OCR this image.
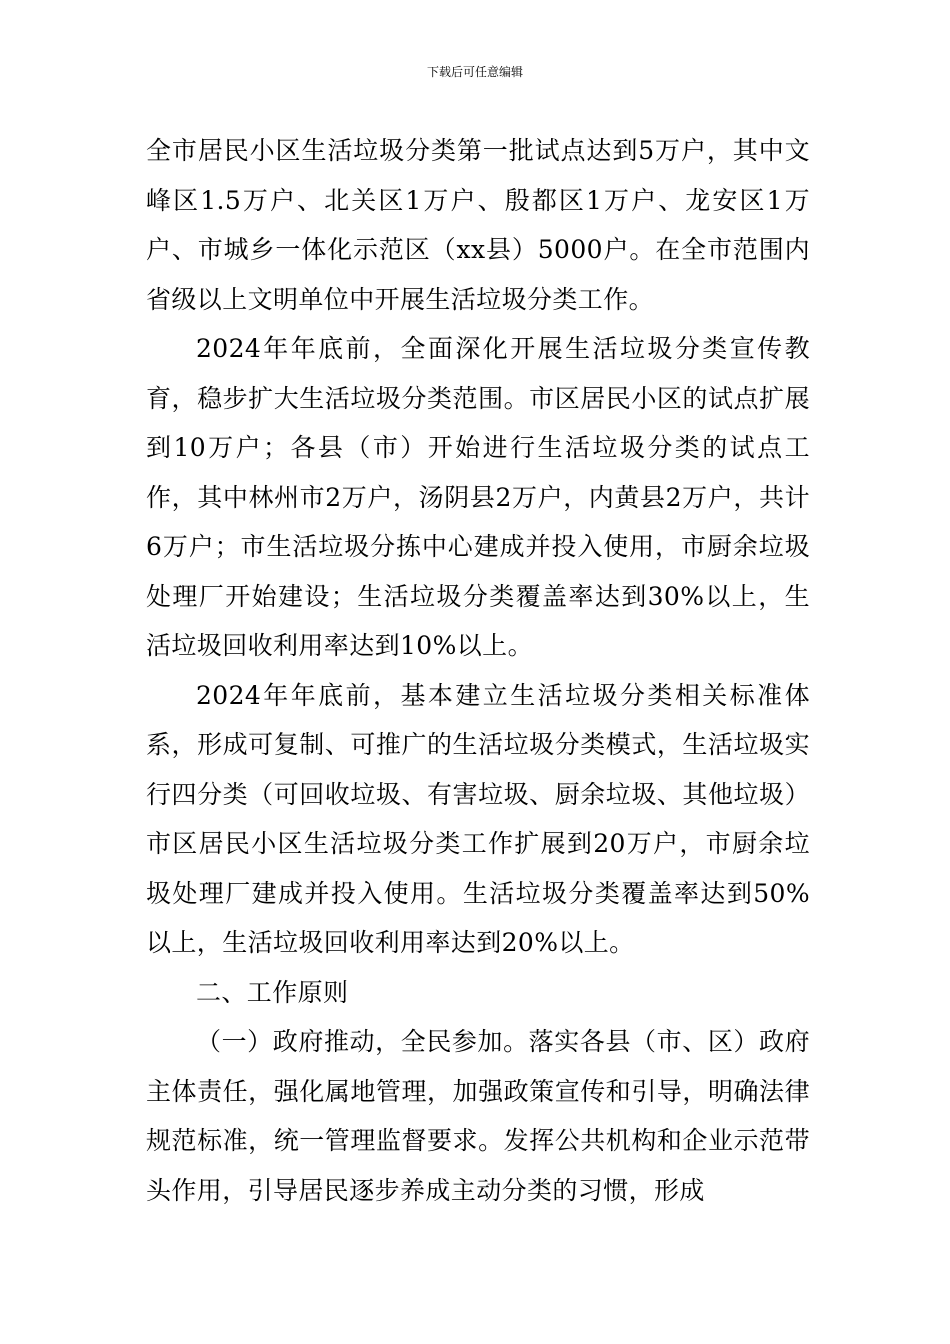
下载后可任意编辑

全市居民小区生活垃圾分类第一批试点达到5万户，其中文峰区1.5万户、北关区1万户、殷都区1万户、龙安区1万户、市城乡一体化示范区（xx县）5000户。在全市范围内省级以上文明单位中开展生活垃圾分类工作。

2024年年底前，全面深化开展生活垃圾分类宣传教育，稳步扩大生活垃圾分类范围。市区居民小区的试点扩展到10万户；各县（市）开始进行生活垃圾分类的试点工作，其中林州市2万户，汤阴县2万户，内黄县2万户，共计6万户；市生活垃圾分拣中心建成并投入使用，市厨余垃圾处理厂开始建设；生活垃圾分类覆盖率达到30%以上，生活垃圾回收利用率达到10%以上。

2024年年底前，基本建立生活垃圾分类相关标准体系，形成可复制、可推广的生活垃圾分类模式，生活垃圾实行四分类（可回收垃圾、有害垃圾、厨余垃圾、其他垃圾）市区居民小区生活垃圾分类工作扩展到20万户，市厨余垃圾处理厂建成并投入使用。生活垃圾分类覆盖率达到50%以上，生活垃圾回收利用率达到20%以上。

二、工作原则

（一）政府推动，全民参加。落实各县（市、区）政府主体责任，强化属地管理，加强政策宣传和引导，明确法律规范标准，统一管理监督要求。发挥公共机构和企业示范带头作用，引导居民逐步养成主动分类的习惯，形成
